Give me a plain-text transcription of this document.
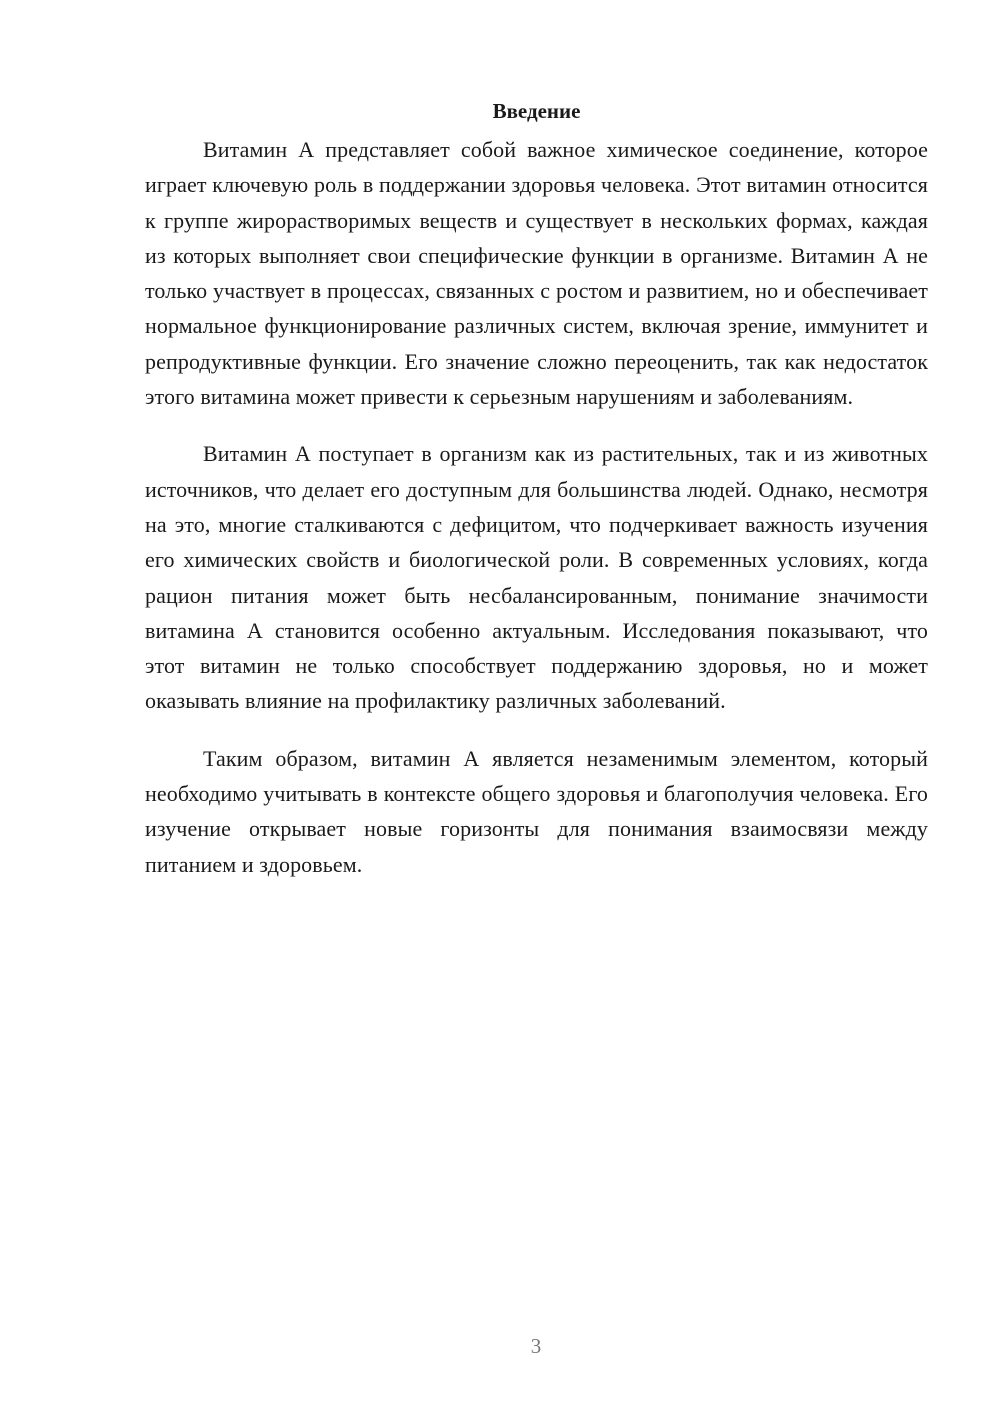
Введение

Витамин А представляет собой важное химическое соединение, которое играет ключевую роль в поддержании здоровья человека. Этот витамин относится к группе жирорастворимых веществ и существует в нескольких формах, каждая из которых выполняет свои специфические функции в организме. Витамин А не только участвует в процессах, связанных с ростом и развитием, но и обеспечивает нормальное функционирование различных систем, включая зрение, иммунитет и репродуктивные функции. Его значение сложно переоценить, так как недостаток этого витамина может привести к серьезным нарушениям и заболеваниям.

Витамин А поступает в организм как из растительных, так и из животных источников, что делает его доступным для большинства людей. Однако, несмотря на это, многие сталкиваются с дефицитом, что подчеркивает важность изучения его химических свойств и биологической роли. В современных условиях, когда рацион питания может быть несбалансированным, понимание значимости витамина А становится особенно актуальным. Исследования показывают, что этот витамин не только способствует поддержанию здоровья, но и может оказывать влияние на профилактику различных заболеваний.

Таким образом, витамин А является незаменимым элементом, который необходимо учитывать в контексте общего здоровья и благополучия человека. Его изучение открывает новые горизонты для понимания взаимосвязи между питанием и здоровьем.

3
